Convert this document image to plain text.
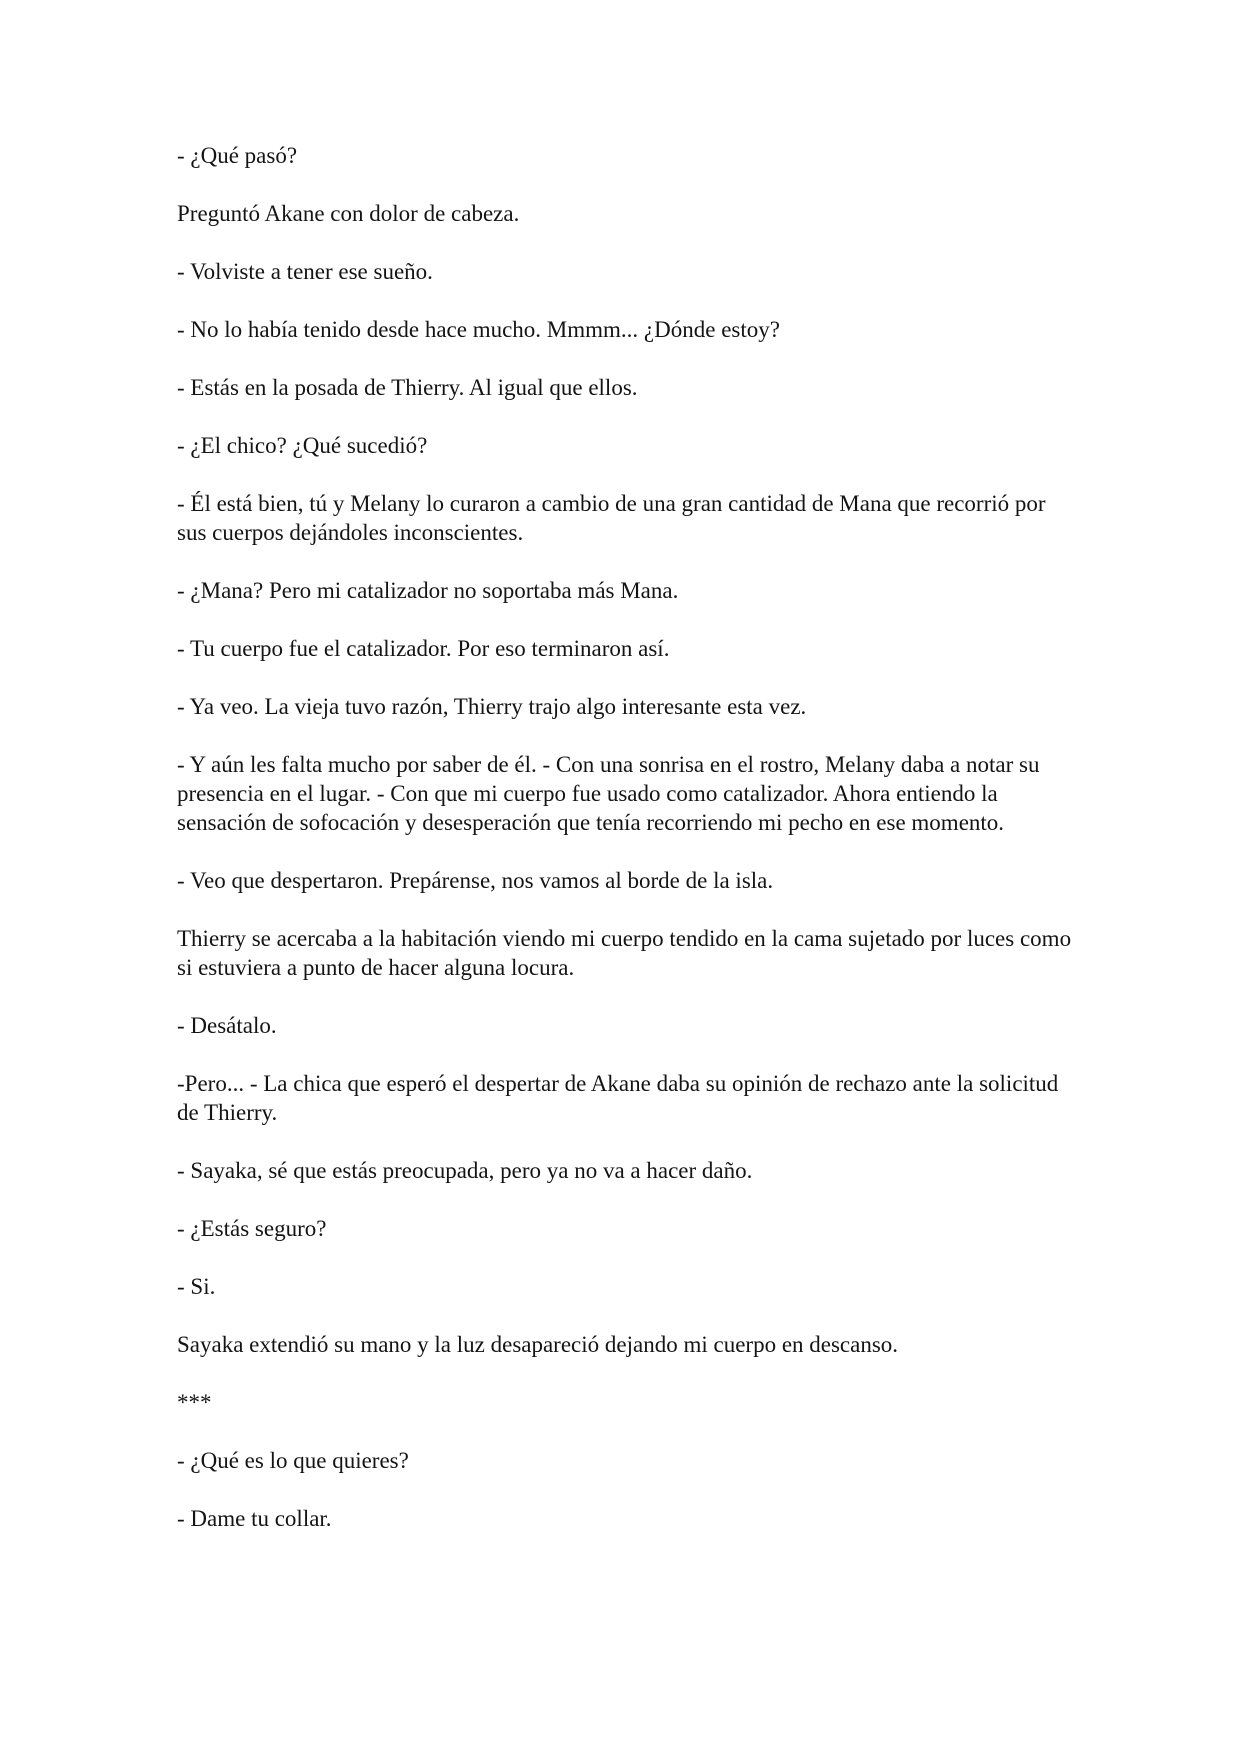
- ¿Qué pasó?

Preguntó Akane con dolor de cabeza.

- Volviste a tener ese sueño.

- No lo había tenido desde hace mucho. Mmmm... ¿Dónde estoy?

- Estás en la posada de Thierry. Al igual que ellos.

- ¿El chico? ¿Qué sucedió?

- Él está bien, tú y Melany lo curaron a cambio de una gran cantidad de Mana que recorrió por sus cuerpos dejándoles inconscientes.

- ¿Mana? Pero mi catalizador no soportaba más Mana.

- Tu cuerpo fue el catalizador. Por eso terminaron así.

- Ya veo. La vieja tuvo razón, Thierry trajo algo interesante esta vez.

- Y aún les falta mucho por saber de él. - Con una sonrisa en el rostro, Melany daba a notar su presencia en el lugar. - Con que mi cuerpo fue usado como catalizador. Ahora entiendo la sensación de sofocación y desesperación que tenía recorriendo mi pecho en ese momento.

- Veo que despertaron. Prepárense, nos vamos al borde de la isla.

Thierry se acercaba a la habitación viendo mi cuerpo tendido en la cama sujetado por luces como si estuviera a punto de hacer alguna locura.

- Desátalo.

-Pero... - La chica que esperó el despertar de Akane daba su opinión de rechazo ante la solicitud de Thierry.

- Sayaka, sé que estás preocupada, pero ya no va a hacer daño.

- ¿Estás seguro?

- Si.

Sayaka extendió su mano y la luz desapareció dejando mi cuerpo en descanso.

***

- ¿Qué es lo que quieres?

- Dame tu collar.
